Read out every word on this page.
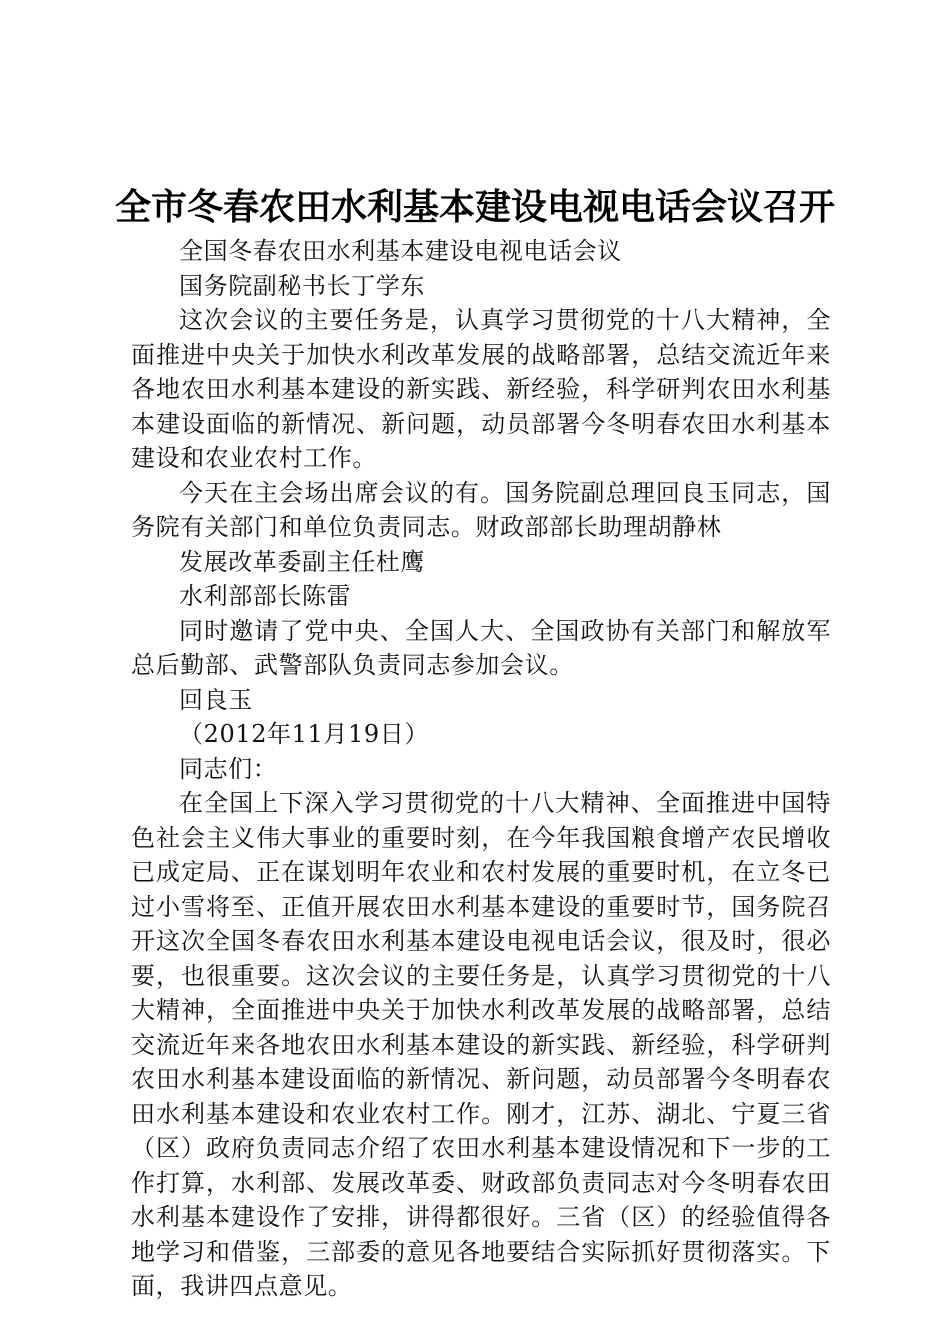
全市冬春农田水利基本建设电视电话会议召开

全国冬春农田水利基本建设电视电话会议

国务院副秘书长丁学东

这次会议的主要任务是，认真学习贯彻党的十八大精神，全面推进中央关于加快水利改革发展的战略部署，总结交流近年来各地农田水利基本建设的新实践、新经验，科学研判农田水利基本建设面临的新情况、新问题，动员部署今冬明春农田水利基本建设和农业农村工作。

今天在主会场出席会议的有。国务院副总理回良玉同志，国务院有关部门和单位负责同志。财政部部长助理胡静林

发展改革委副主任杜鹰

水利部部长陈雷

同时邀请了党中央、全国人大、全国政协有关部门和解放军总后勤部、武警部队负责同志参加会议。

回良玉

（2012年11月19日）

同志们：

在全国上下深入学习贯彻党的十八大精神、全面推进中国特色社会主义伟大事业的重要时刻，在今年我国粮食增产农民增收已成定局、正在谋划明年农业和农村发展的重要时机，在立冬已过小雪将至、正值开展农田水利基本建设的重要时节，国务院召开这次全国冬春农田水利基本建设电视电话会议，很及时，很必要，也很重要。这次会议的主要任务是，认真学习贯彻党的十八大精神，全面推进中央关于加快水利改革发展的战略部署，总结交流近年来各地农田水利基本建设的新实践、新经验，科学研判农田水利基本建设面临的新情况、新问题，动员部署今冬明春农田水利基本建设和农业农村工作。刚才，江苏、湖北、宁夏三省（区）政府负责同志介绍了农田水利基本建设情况和下一步的工作打算，水利部、发展改革委、财政部负责同志对今冬明春农田水利基本建设作了安排，讲得都很好。三省（区）的经验值得各地学习和借鉴，三部委的意见各地要结合实际抓好贯彻落实。下面，我讲四点意见。
